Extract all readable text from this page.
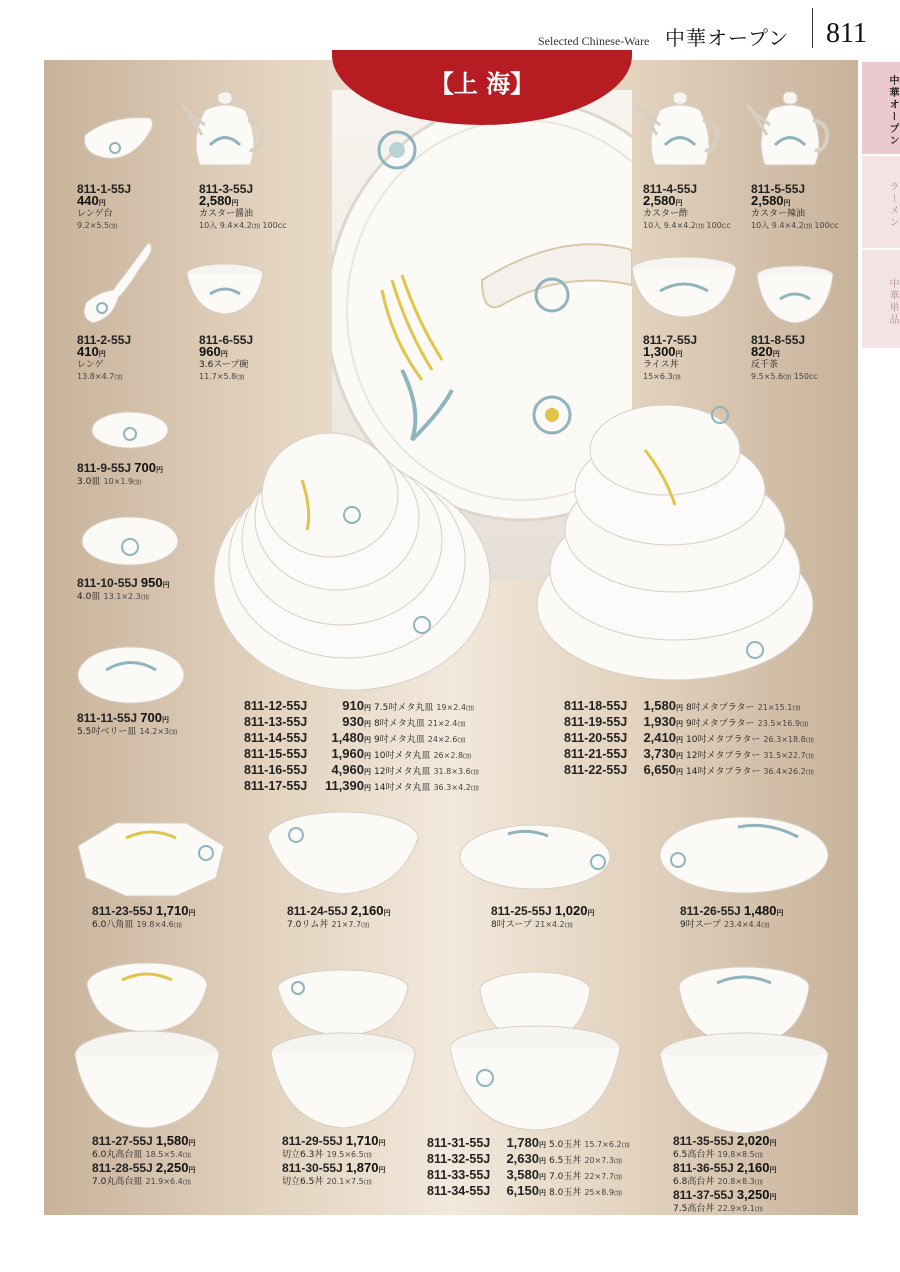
Selected Chinese-Ware 中華オープン 811
中華オープン
ラーメン
中華単品
【上 海】
811-1-55J
440円
レンゲ台
9.2×5.5㎝
811-3-55J
2,580円
カスター醤油
10入 9.4×4.2㎝ 100cc
811-4-55J
2,580円
カスター酢
10入 9.4×4.2㎝ 100cc
811-5-55J
2,580円
カスター辣油
10入 9.4×4.2㎝ 100cc
811-2-55J
410円
レンゲ
13.8×4.7㎝
811-6-55J
960円
3.6スープ碗
11.7×5.8㎝
811-7-55J
1,300円
ライス丼
15×6.3㎝
811-8-55J
820円
反千茶
9.5×5.6㎝ 150cc
811-9-55J 700円
3.0皿 10×1.9㎝
811-10-55J 950円
4.0皿 13.1×2.3㎝
811-11-55J 700円
5.5吋ベリー皿 14.2×3㎝
811-12-55J	910円 7.5吋メタ丸皿 19×2.4㎝
811-13-55J	930円 8吋メタ丸皿 21×2.4㎝
811-14-55J 1,480円 9吋メタ丸皿 24×2.6㎝
811-15-55J 1,960円 10吋メタ丸皿 26×2.8㎝
811-16-55J 4,960円 12吋メタ丸皿 31.8×3.6㎝
811-17-55J 11,390円 14吋メタ丸皿 36.3×4.2㎝
811-18-55J 1,580円 8吋メタプラター 21×15.1㎝
811-19-55J 1,930円 9吋メタプラター 23.5×16.9㎝
811-20-55J 2,410円 10吋メタプラター 26.3×18.8㎝
811-21-55J 3,730円 12吋メタプラター 31.5×22.7㎝
811-22-55J 6,650円 14吋メタプラター 36.4×26.2㎝
811-23-55J 1,710円
6.0八角皿 19.8×4.6㎝
811-24-55J 2,160円
7.0リム丼 21×7.7㎝
811-25-55J 1,020円
8吋スープ 21×4.2㎝
811-26-55J 1,480円
9吋スープ 23.4×4.4㎝
811-27-55J 1,580円
6.0丸高台皿 18.5×5.4㎝
811-28-55J 2,250円
7.0丸高台皿 21.9×6.4㎝
811-29-55J 1,710円
切立6.3丼 19.5×6.5㎝
811-30-55J 1,870円
切立6.5丼 20.1×7.5㎝
811-31-55J 1,780円 5.0玉丼 15.7×6.2㎝
811-32-55J 2,630円 6.5玉丼 20×7.3㎝
811-33-55J 3,580円 7.0玉丼 22×7.7㎝
811-34-55J 6,150円 8.0玉丼 25×8.9㎝
811-35-55J 2,020円
6.5高台丼 19.8×8.5㎝
811-36-55J 2,160円
6.8高台丼 20.8×8.3㎝
811-37-55J 3,250円
7.5高台丼 22.9×9.1㎝
